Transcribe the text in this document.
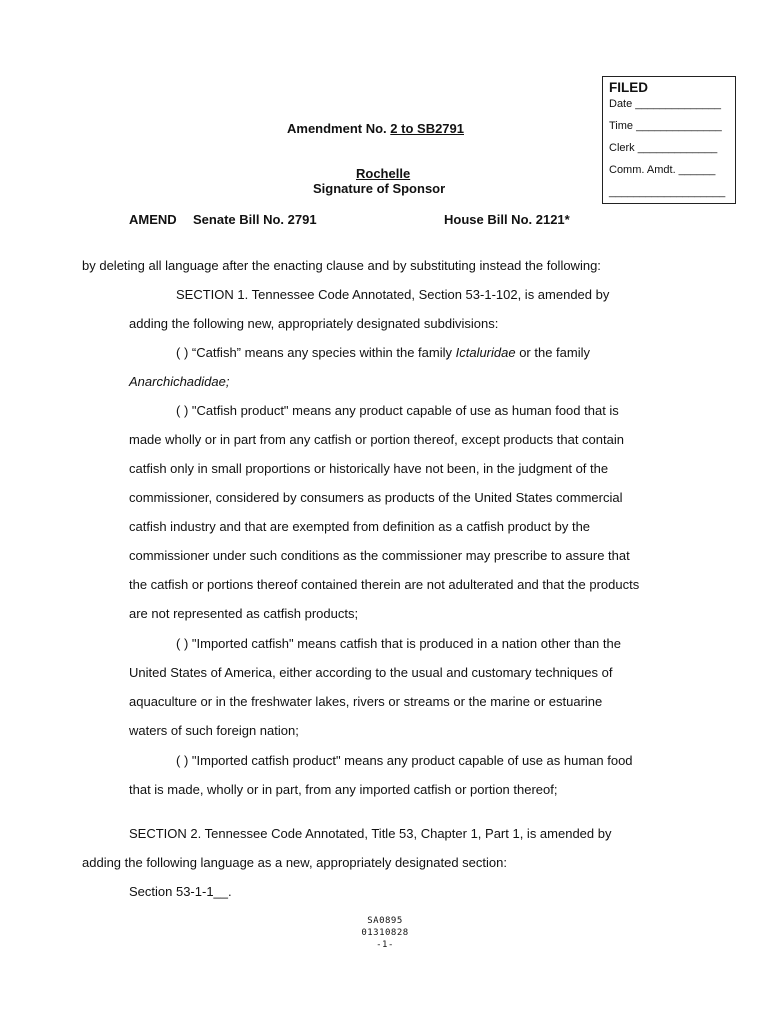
FILED
Date ______________
Time ______________
Clerk _____________
Comm. Amdt. ______
___________________
Amendment No. 2 to SB2791
Rochelle
Signature of Sponsor
AMEND Senate Bill No. 2791	House Bill No. 2121*
by deleting all language after the enacting clause and by substituting instead the following:
SECTION 1. Tennessee Code Annotated, Section 53-1-102, is amended by
adding the following new, appropriately designated subdivisions:
( ) “Catfish” means any species within the family Ictaluridae or the family
Anarchichadidae;
( ) "Catfish product" means any product capable of use as human food that is
made wholly or in part from any catfish or portion thereof, except products that contain
catfish only in small proportions or historically have not been, in the judgment of the
commissioner, considered by consumers as products of the United States commercial
catfish industry and that are exempted from definition as a catfish product by the
commissioner under such conditions as the commissioner may prescribe to assure that
the catfish or portions thereof contained therein are not adulterated and that the products
are not represented as catfish products;
( ) "Imported catfish" means catfish that is produced in a nation other than the
United States of America, either according to the usual and customary techniques of
aquaculture or in the freshwater lakes, rivers or streams or the marine or estuarine
waters of such foreign nation;
( ) "Imported catfish product" means any product capable of use as human food
that is made, wholly or in part, from any imported catfish or portion thereof;
SECTION 2. Tennessee Code Annotated, Title 53, Chapter 1, Part 1, is amended by
adding the following language as a new, appropriately designated section:
Section 53-1-1__.
SA0895
01310828
-1-
